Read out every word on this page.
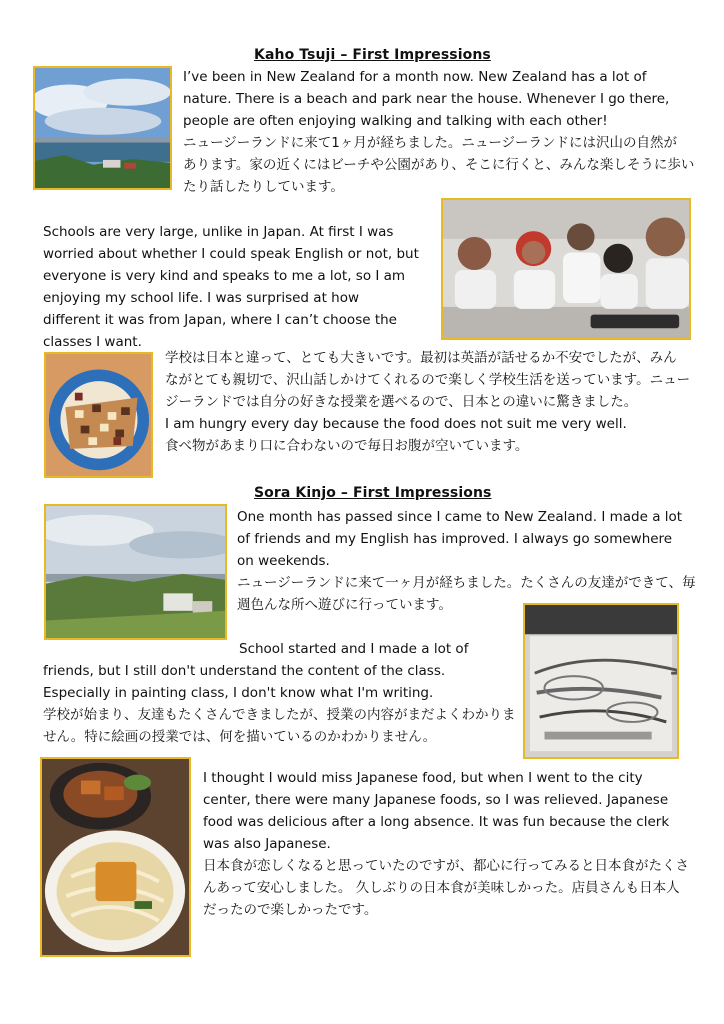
Kaho Tsuji – First Impressions
I’ve been in New Zealand for a month now. New Zealand has a lot of
nature. There is a beach and park near the house. Whenever I go there,
people are often enjoying walking and talking with each other!
ニュージーランドに来て1ヶ月が経ちました。ニュージーランドには沢山の自然が
あります。家の近くにはビーチや公園があり、そこに行くと、みんな楽しそうに歩い
たり話したりしています。
Schools are very large, unlike in Japan. At first I was
worried about whether I could speak English or not, but
everyone is very kind and speaks to me a lot, so I am
enjoying my school life. I was surprised at how
different it was from Japan, where I can’t choose the
classes I want.
学校は日本と違って、とても大きいです。最初は英語が話せるか不安でしたが、みん
ながとても親切で、沢山話しかけてくれるので楽しく学校生活を送っています。ニュー
ジーランドでは自分の好きな授業を選べるので、日本との違いに驚きました。
I am hungry every day because the food does not suit me very well.
食べ物があまり口に合わないので毎日お腹が空いています。
Sora Kinjo – First Impressions
One month has passed since I came to New Zealand. I made a lot
of friends and my English has improved. I always go somewhere
on weekends.
ニュージーランドに来て一ヶ月が経ちました。たくさんの友達ができて、毎
週色んな所へ遊びに行っています。
School started and I made a lot of
friends, but I still don't understand the content of the class.
Especially in painting class, I don't know what I'm writing.
学校が始まり、友達もたくさんできましたが、授業の内容がまだよくわかりま
せん。特に絵画の授業では、何を描いているのかわかりません。
I thought I would miss Japanese food, but when I went to the city
center, there were many Japanese foods, so I was relieved. Japanese
food was delicious after a long absence. It was fun because the clerk
was also Japanese.
日本食が恋しくなると思っていたのですが、都心に行ってみると日本食がたくさ
んあって安心しました。 久しぶりの日本食が美味しかった。店員さんも日本人
だったので楽しかったです。
